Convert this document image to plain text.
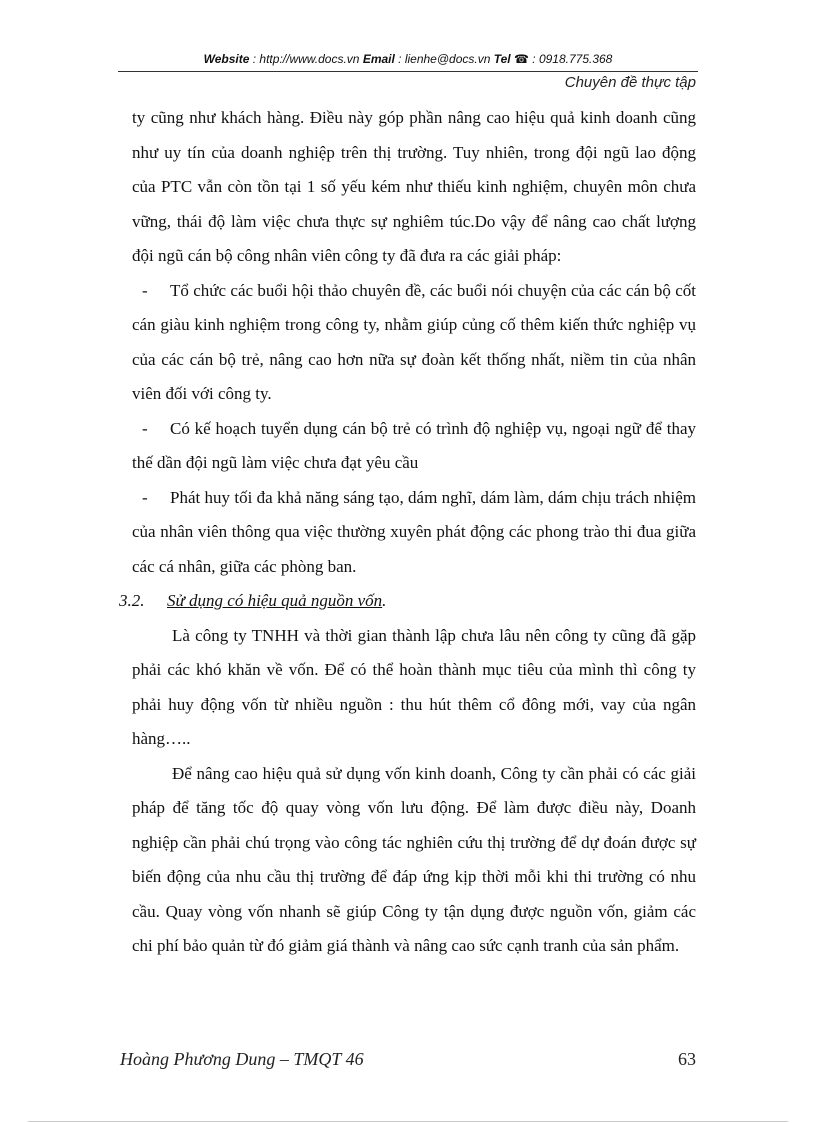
Website : http://www.docs.vn Email : lienhe@docs.vn Tel ☎ : 0918.775.368
Chuyên đề thực tập

ty cũng như khách hàng. Điều này góp phần nâng cao hiệu quả kinh doanh cũng như uy tín của doanh nghiệp trên thị trường. Tuy nhiên, trong đội ngũ lao động của PTC vẫn còn tồn tại 1 số yếu kém như thiếu kinh nghiệm, chuyên môn chưa vững, thái độ làm việc chưa thực sự nghiêm túc.Do vậy để nâng cao chất lượng đội ngũ cán bộ công nhân viên công ty đã đưa ra các giải pháp:

- Tổ chức các buổi hội thảo chuyên đề, các buổi nói chuyện của các cán bộ cốt cán giàu kinh nghiệm trong công ty, nhằm giúp củng cố thêm kiến thức nghiệp vụ của các cán bộ trẻ, nâng cao hơn nữa sự đoàn kết thống nhất, niềm tin của nhân viên đối với công ty.

- Có kế hoạch tuyển dụng cán bộ trẻ có trình độ nghiệp vụ, ngoại ngữ để thay thế dần đội ngũ làm việc chưa đạt yêu cầu

- Phát huy tối đa khả năng sáng tạo, dám nghĩ, dám làm, dám chịu trách nhiệm của nhân viên thông qua việc thường xuyên phát động các phong trào thi đua giữa các cá nhân, giữa các phòng ban.

3.2. Sử dụng có hiệu quả nguồn vốn.

Là công ty TNHH và thời gian thành lập chưa lâu nên công ty cũng đã gặp phải các khó khăn về vốn. Để có thể hoàn thành mục tiêu của mình thì công ty phải huy động vốn từ nhiều nguồn : thu hút thêm cổ đông mới, vay của ngân hàng…..

Để nâng cao hiệu quả sử dụng vốn kinh doanh, Công ty cần phải có các giải pháp để tăng tốc độ quay vòng vốn lưu động. Để làm được điều này, Doanh nghiệp cần phải chú trọng vào công tác nghiên cứu thị trường để dự đoán được sự biến động của nhu cầu thị trường để đáp ứng kịp thời mỗi khi thi trường có nhu cầu. Quay vòng vốn nhanh sẽ giúp Công ty tận dụng được nguồn vốn, giảm các chi phí bảo quản từ đó giảm giá thành và nâng cao sức cạnh tranh của sản phẩm.

Hoàng Phương Dung – TMQT 46	63
